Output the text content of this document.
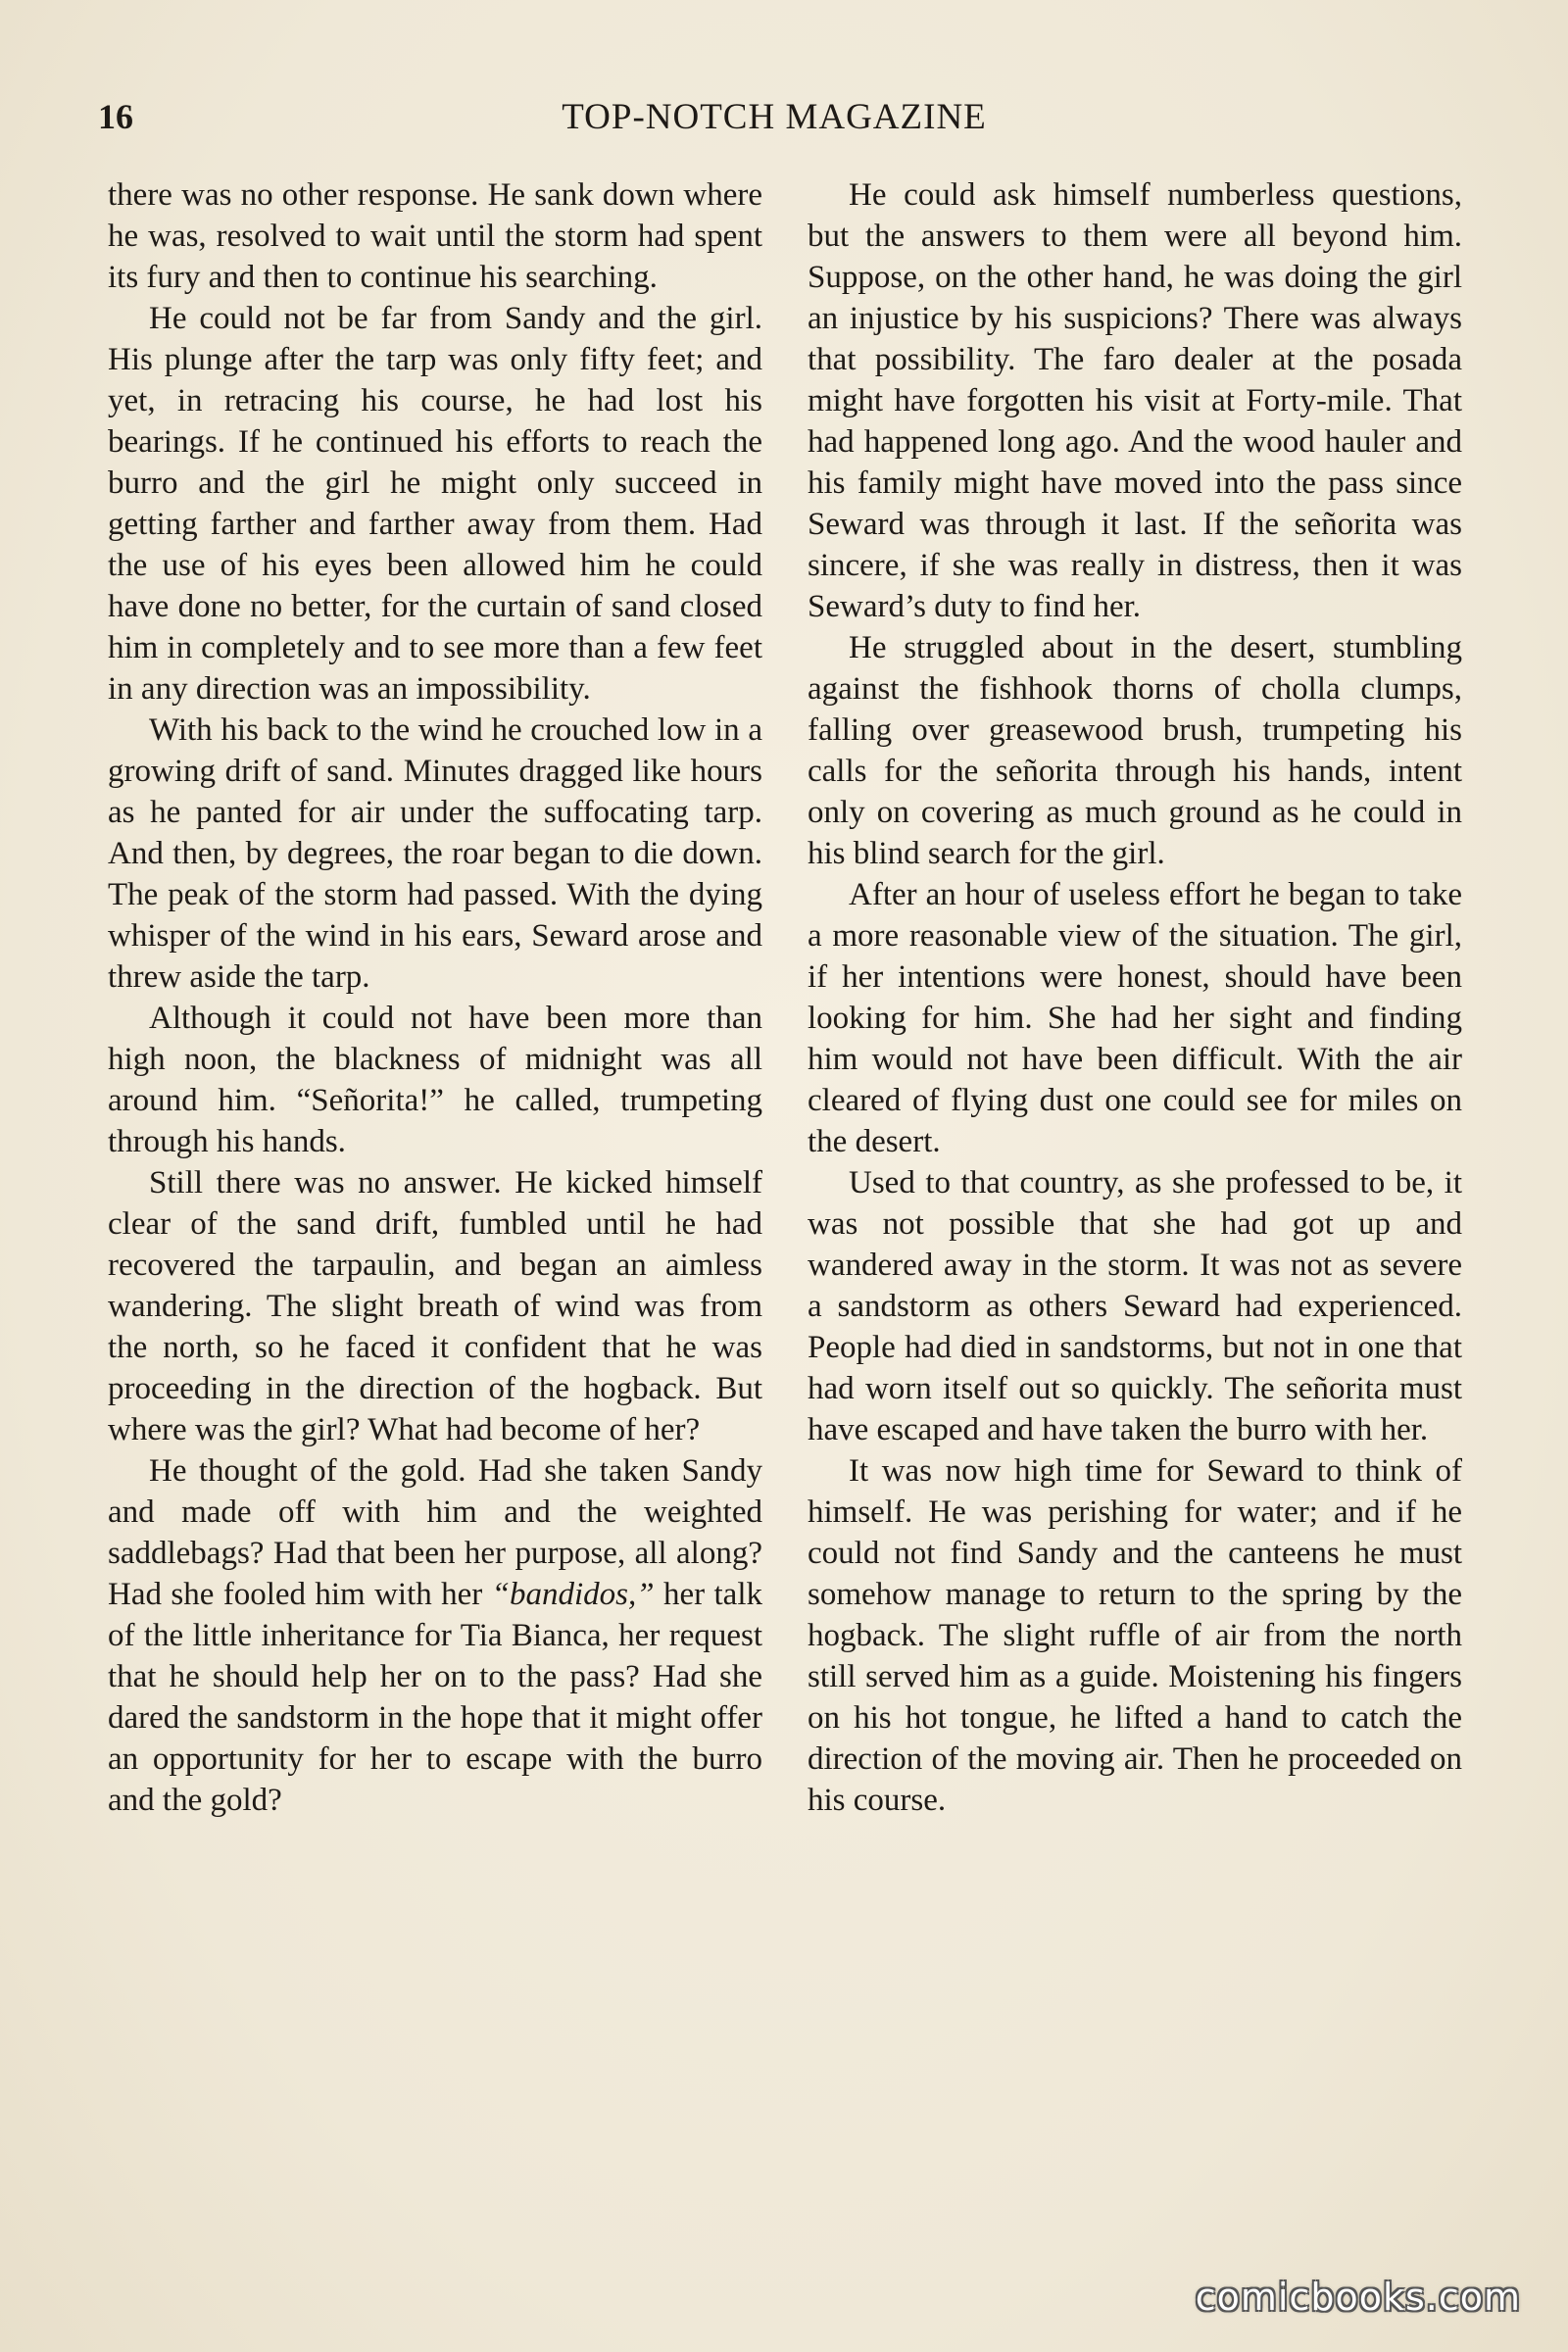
16	TOP-NOTCH MAGAZINE

there was no other response. He sank down where he was, resolved to wait until the storm had spent its fury and then to continue his searching.

He could not be far from Sandy and the girl. His plunge after the tarp was only fifty feet; and yet, in retracing his course, he had lost his bearings. If he continued his efforts to reach the burro and the girl he might only succeed in getting farther and farther away from them. Had the use of his eyes been allowed him he could have done no better, for the curtain of sand closed him in completely and to see more than a few feet in any direction was an impossibility.

With his back to the wind he crouched low in a growing drift of sand. Minutes dragged like hours as he panted for air under the suffocating tarp. And then, by degrees, the roar began to die down. The peak of the storm had passed. With the dying whisper of the wind in his ears, Seward arose and threw aside the tarp.

Although it could not have been more than high noon, the blackness of midnight was all around him. “Señorita!” he called, trumpeting through his hands.

Still there was no answer. He kicked himself clear of the sand drift, fumbled until he had recovered the tarpaulin, and began an aimless wandering. The slight breath of wind was from the north, so he faced it confident that he was proceeding in the direction of the hogback. But where was the girl? What had become of her?

He thought of the gold. Had she taken Sandy and made off with him and the weighted saddlebags? Had that been her purpose, all along? Had she fooled him with her “bandidos,” her talk of the little inheritance for Tia Bianca, her request that he should help her on to the pass? Had she dared the sandstorm in the hope that it might offer an opportunity for her to escape with the burro and the gold?

He could ask himself numberless questions, but the answers to them were all beyond him. Suppose, on the other hand, he was doing the girl an injustice by his suspicions? There was always that possibility. The faro dealer at the posada might have forgotten his visit at Forty-mile. That had happened long ago. And the wood hauler and his family might have moved into the pass since Seward was through it last. If the señorita was sincere, if she was really in distress, then it was Seward’s duty to find her.

He struggled about in the desert, stumbling against the fishhook thorns of cholla clumps, falling over greasewood brush, trumpeting his calls for the señorita through his hands, intent only on covering as much ground as he could in his blind search for the girl.

After an hour of useless effort he began to take a more reasonable view of the situation. The girl, if her intentions were honest, should have been looking for him. She had her sight and finding him would not have been difficult. With the air cleared of flying dust one could see for miles on the desert.

Used to that country, as she professed to be, it was not possible that she had got up and wandered away in the storm. It was not as severe a sandstorm as others Seward had experienced. People had died in sandstorms, but not in one that had worn itself out so quickly. The señorita must have escaped and have taken the burro with her.

It was now high time for Seward to think of himself. He was perishing for water; and if he could not find Sandy and the canteens he must somehow manage to return to the spring by the hogback. The slight ruffle of air from the north still served him as a guide. Moistening his fingers on his hot tongue, he lifted a hand to catch the direction of the moving air. Then he proceeded on his course.

comicbooks.com
